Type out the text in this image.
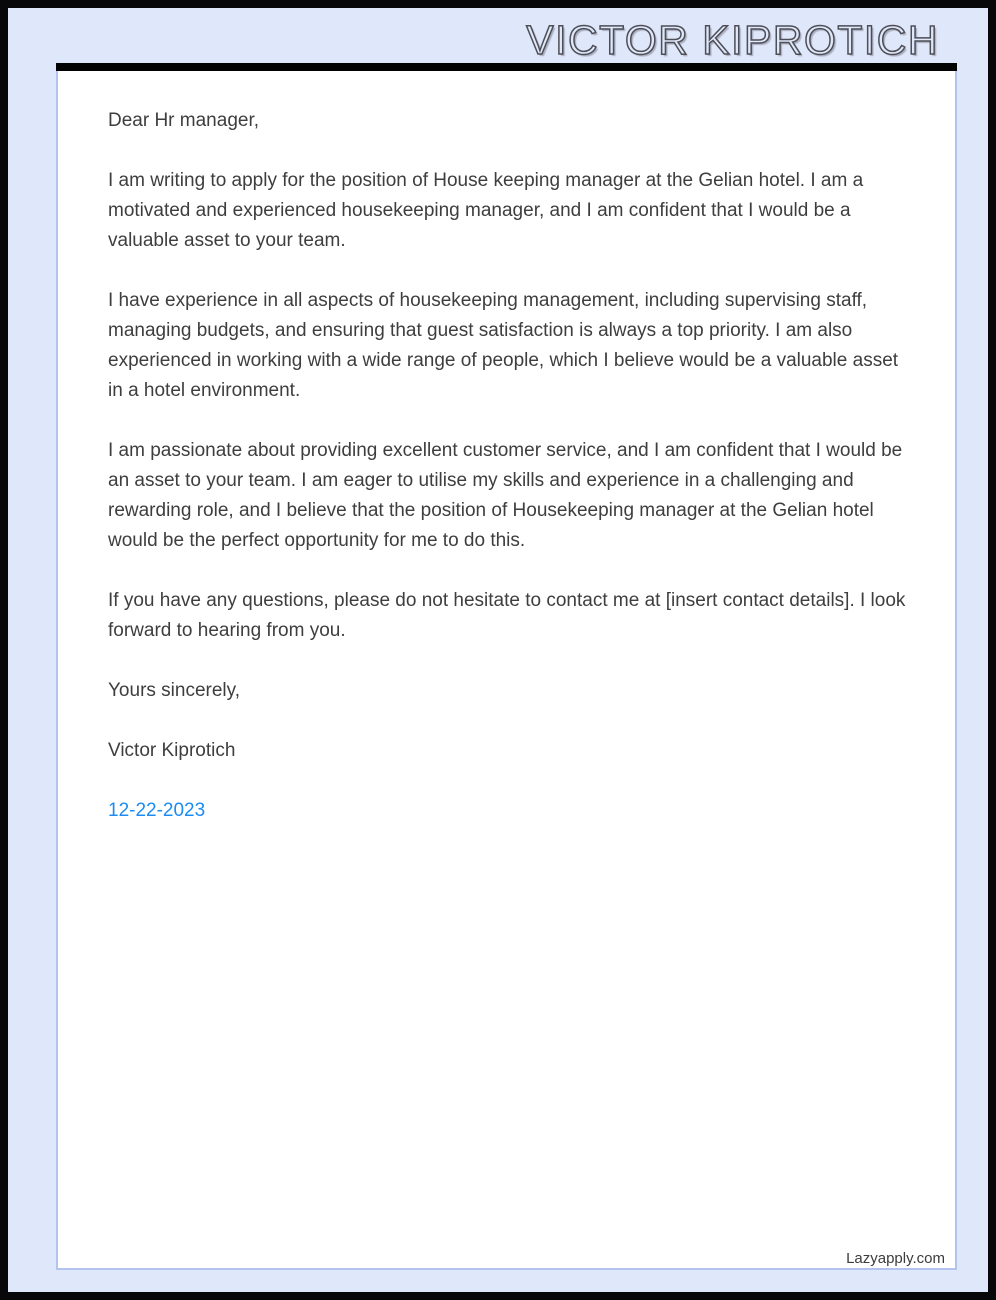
VICTOR KIPROTICH

Dear Hr manager,

I am writing to apply for the position of House keeping manager at the Gelian hotel. I am a motivated and experienced housekeeping manager, and I am confident that I would be a valuable asset to your team.

I have experience in all aspects of housekeeping management, including supervising staff, managing budgets, and ensuring that guest satisfaction is always a top priority. I am also experienced in working with a wide range of people, which I believe would be a valuable asset in a hotel environment.

I am passionate about providing excellent customer service, and I am confident that I would be an asset to your team. I am eager to utilise my skills and experience in a challenging and rewarding role, and I believe that the position of Housekeeping manager at the Gelian hotel would be the perfect opportunity for me to do this.

If you have any questions, please do not hesitate to contact me at [insert contact details]. I look forward to hearing from you.

Yours sincerely,

Victor Kiprotich

12-22-2023

Lazyapply.com
